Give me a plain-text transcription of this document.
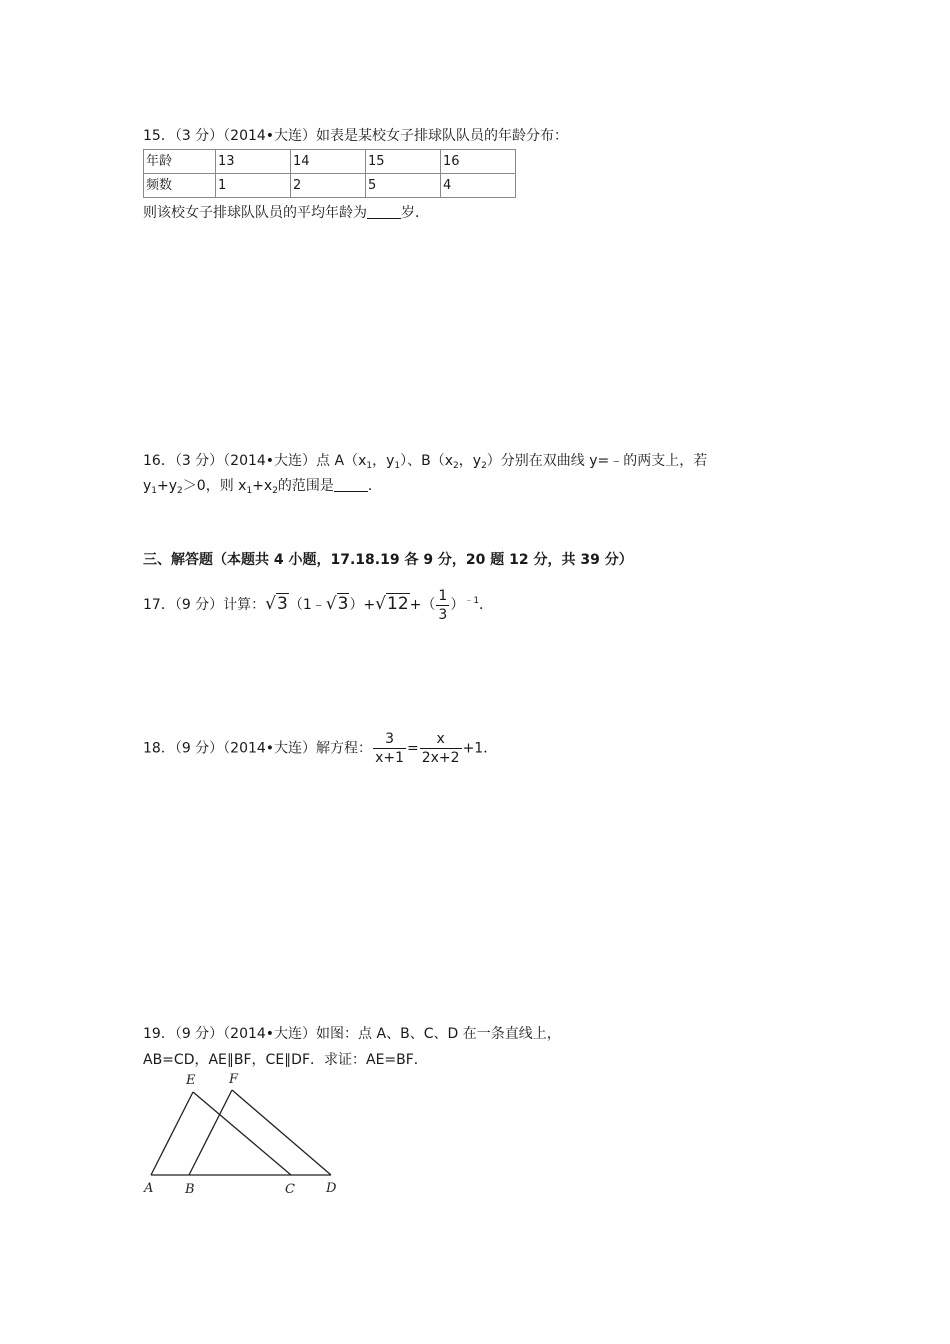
15．（3 分）（2014•大连）如表是某校女子排球队队员的年龄分布：
年龄	13	14	15	16
频数	1	2	5	4
则该校女子排球队队员的平均年龄为 岁．
16．（3 分）（2014•大连）点 $A(x_1$，$y_1$）、$B(x_2$，$y_2$）分别在双曲线 y=﹣的两支上，若
$y_1+y_2>0$，则 $x_1+x_2$的范围是 ．
三、解答题（本题共 4 小题，17.18.19 各 9 分，20 题 12 分，共 39 分）
17．（9 分）计算：√3（1﹣√3）+√12+（ $\frac{1}{3} )^{﹣1}$．
18．（9 分）（2014•大连）解方程： $\frac{3}{x+1} = \frac{x}{2x+2} +1$．
19．（9 分）（2014•大连）如图：点 A、B、C、D 在一条直线上，
AB=CD，AE∥BF，CE∥DF．求证：AE=BF．
E	F
A B	C D
